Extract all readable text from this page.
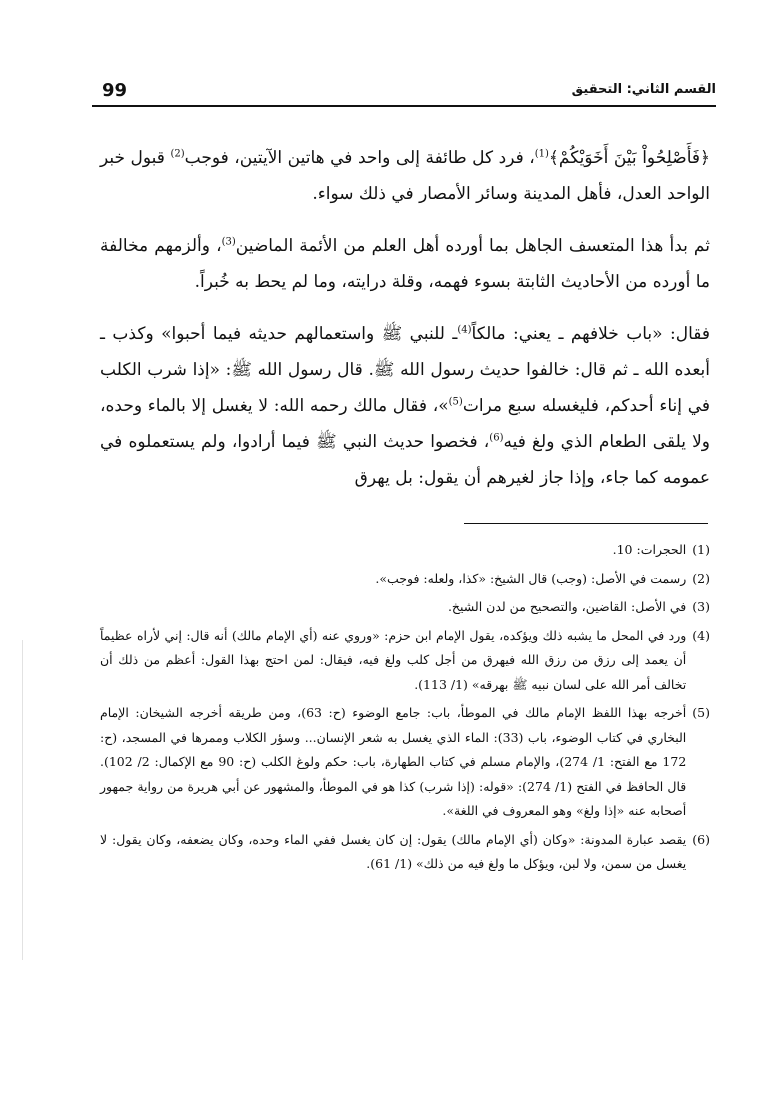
99	القسم الثاني: التحقيق

﴿فَأَصْلِحُواْ بَيْنَ أَخَوَيْكُمْ﴾$^{(1)}$، فرد كل طائفة إلى واحد في هاتين الآيتين، فوجب$^{(2)}$ قبول خبر الواحد العدل، فأهل المدينة وسائر الأمصار في ذلك سواء.

ثم بدأ هذا المتعسف الجاهل بما أورده أهل العلم من الأئمة الماضين$^{(3)}$، وألزمهم مخالفة ما أورده من الأحاديث الثابتة بسوء فهمه، وقلة درايته، وما لم يحط به خُبراً.

فقال: «باب خلافهم ـ يعني: مالكاً$^{(4)}$ـ للنبي ﷺ واستعمالهم حديثه فيما أحبوا» وكذب ـ أبعده الله ـ ثم قال: خالفوا حديث رسول الله ﷺ. قال رسول الله ﷺ: «إذا شرب الكلب في إناء أحدكم، فليغسله سبع مرات$^{(5)}$»، فقال مالك رحمه الله: لا يغسل إلا بالماء وحده، ولا يلقى الطعام الذي ولغ فيه$^{(6)}$، فخصوا حديث النبي ﷺ فيما أرادوا، ولم يستعملوه في عمومه كما جاء، وإذا جاز لغيرهم أن يقول: بل يهرق

(1)
الحجرات: 10.
(2)
رسمت في الأصل: (وجب) قال الشيخ: «كذا، ولعله: فوجب».
(3)
في الأصل: القاضين، والتصحيح من لدن الشيخ.
(4)
ورد في المحل ما يشبه ذلك ويؤكده، يقول الإمام ابن حزم: «وروي عنه (أي الإمام مالك) أنه قال: إني لأراه عظيماً أن يعمد إلى رزق من رزق الله فيهرق من أجل كلب ولغ فيه، فيقال: لمن احتج بهذا القول: أعظم من ذلك أن تخالف أمر الله على لسان نبيه ﷺ بهرقه» (1/ 113).
(5)
أخرجه بهذا اللفظ الإمام مالك في الموطأ، باب: جامع الوضوء (ح: 63)، ومن طريقه أخرجه الشيخان: الإمام البخاري في كتاب الوضوء، باب (33): الماء الذي يغسل به شعر الإنسان... وسؤر الكلاب وممرها في المسجد، (ح: 172 مع الفتح: 1/ 274)، والإمام مسلم في كتاب الطهارة، باب: حكم ولوغ الكلب (ح: 90 مع الإكمال: 2/ 102). قال الحافظ في الفتح (1/ 274): «قوله: (إذا شرب) كذا هو في الموطأ، والمشهور عن أبي هريرة من رواية جمهور أصحابه عنه «إذا ولغ» وهو المعروف في اللغة».
(6)
يقصد عبارة المدونة: «وكان (أي الإمام مالك) يقول: إن كان يغسل ففي الماء وحده، وكان يضعفه، وكان يقول: لا يغسل من سمن، ولا لبن، ويؤكل ما ولغ فيه من ذلك» (1/ 61).
